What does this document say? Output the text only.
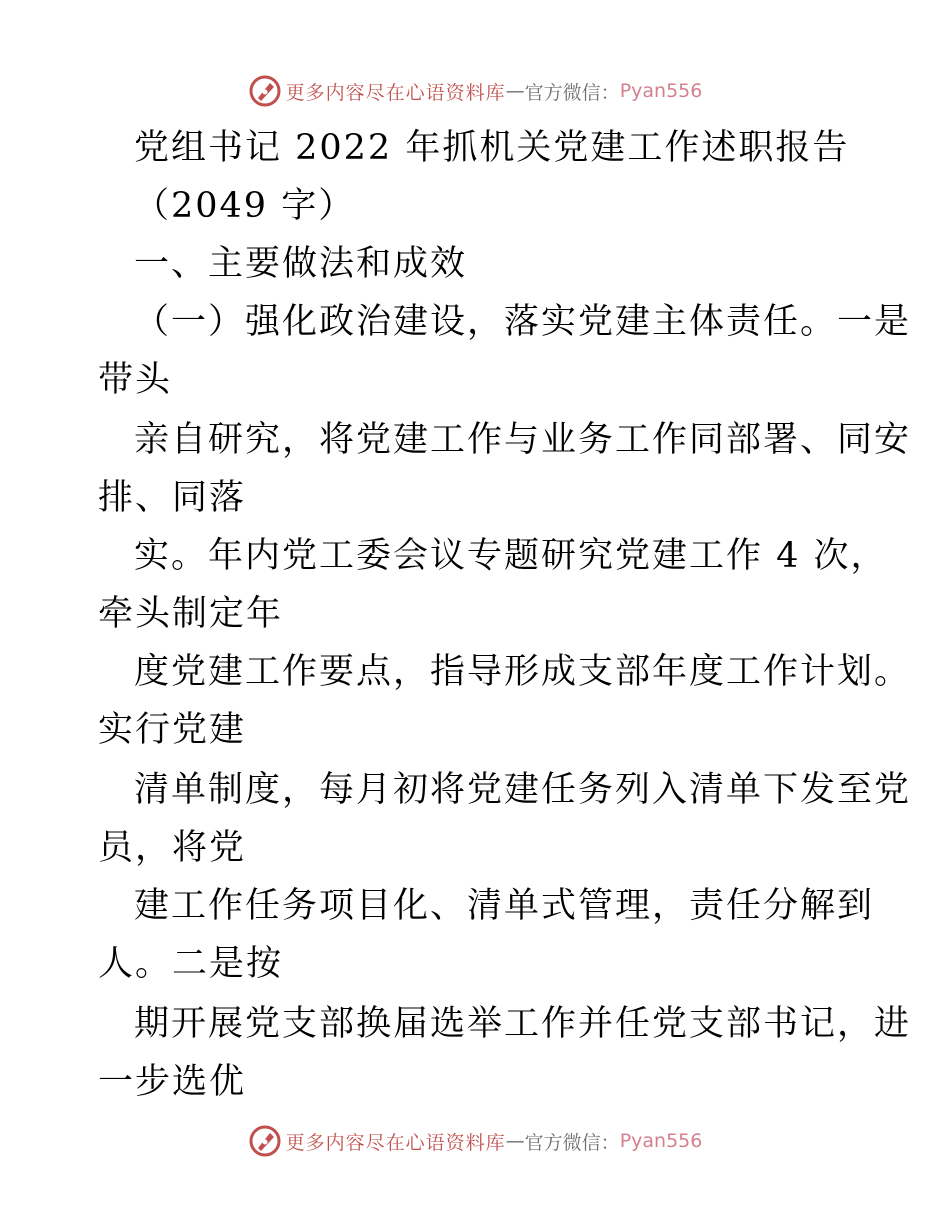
更多内容尽在心语资料库 — 官方微信： Pyan556
党组书记 2022 年抓机关党建工作述职报告
（2049 字）
一、主要做法和成效
（一）强化政治建设，落实党建主体责任。一是
带头
亲自研究，将党建工作与业务工作同部署、同安
排、同落
实。年内党工委会议专题研究党建工作 4 次，
牵头制定年
度党建工作要点，指导形成支部年度工作计划。
实行党建
清单制度，每月初将党建任务列入清单下发至党
员，将党
建工作任务项目化、清单式管理，责任分解到
人。二是按
期开展党支部换届选举工作并任党支部书记，进
一步选优
更多内容尽在心语资料库 — 官方微信： Pyan556
